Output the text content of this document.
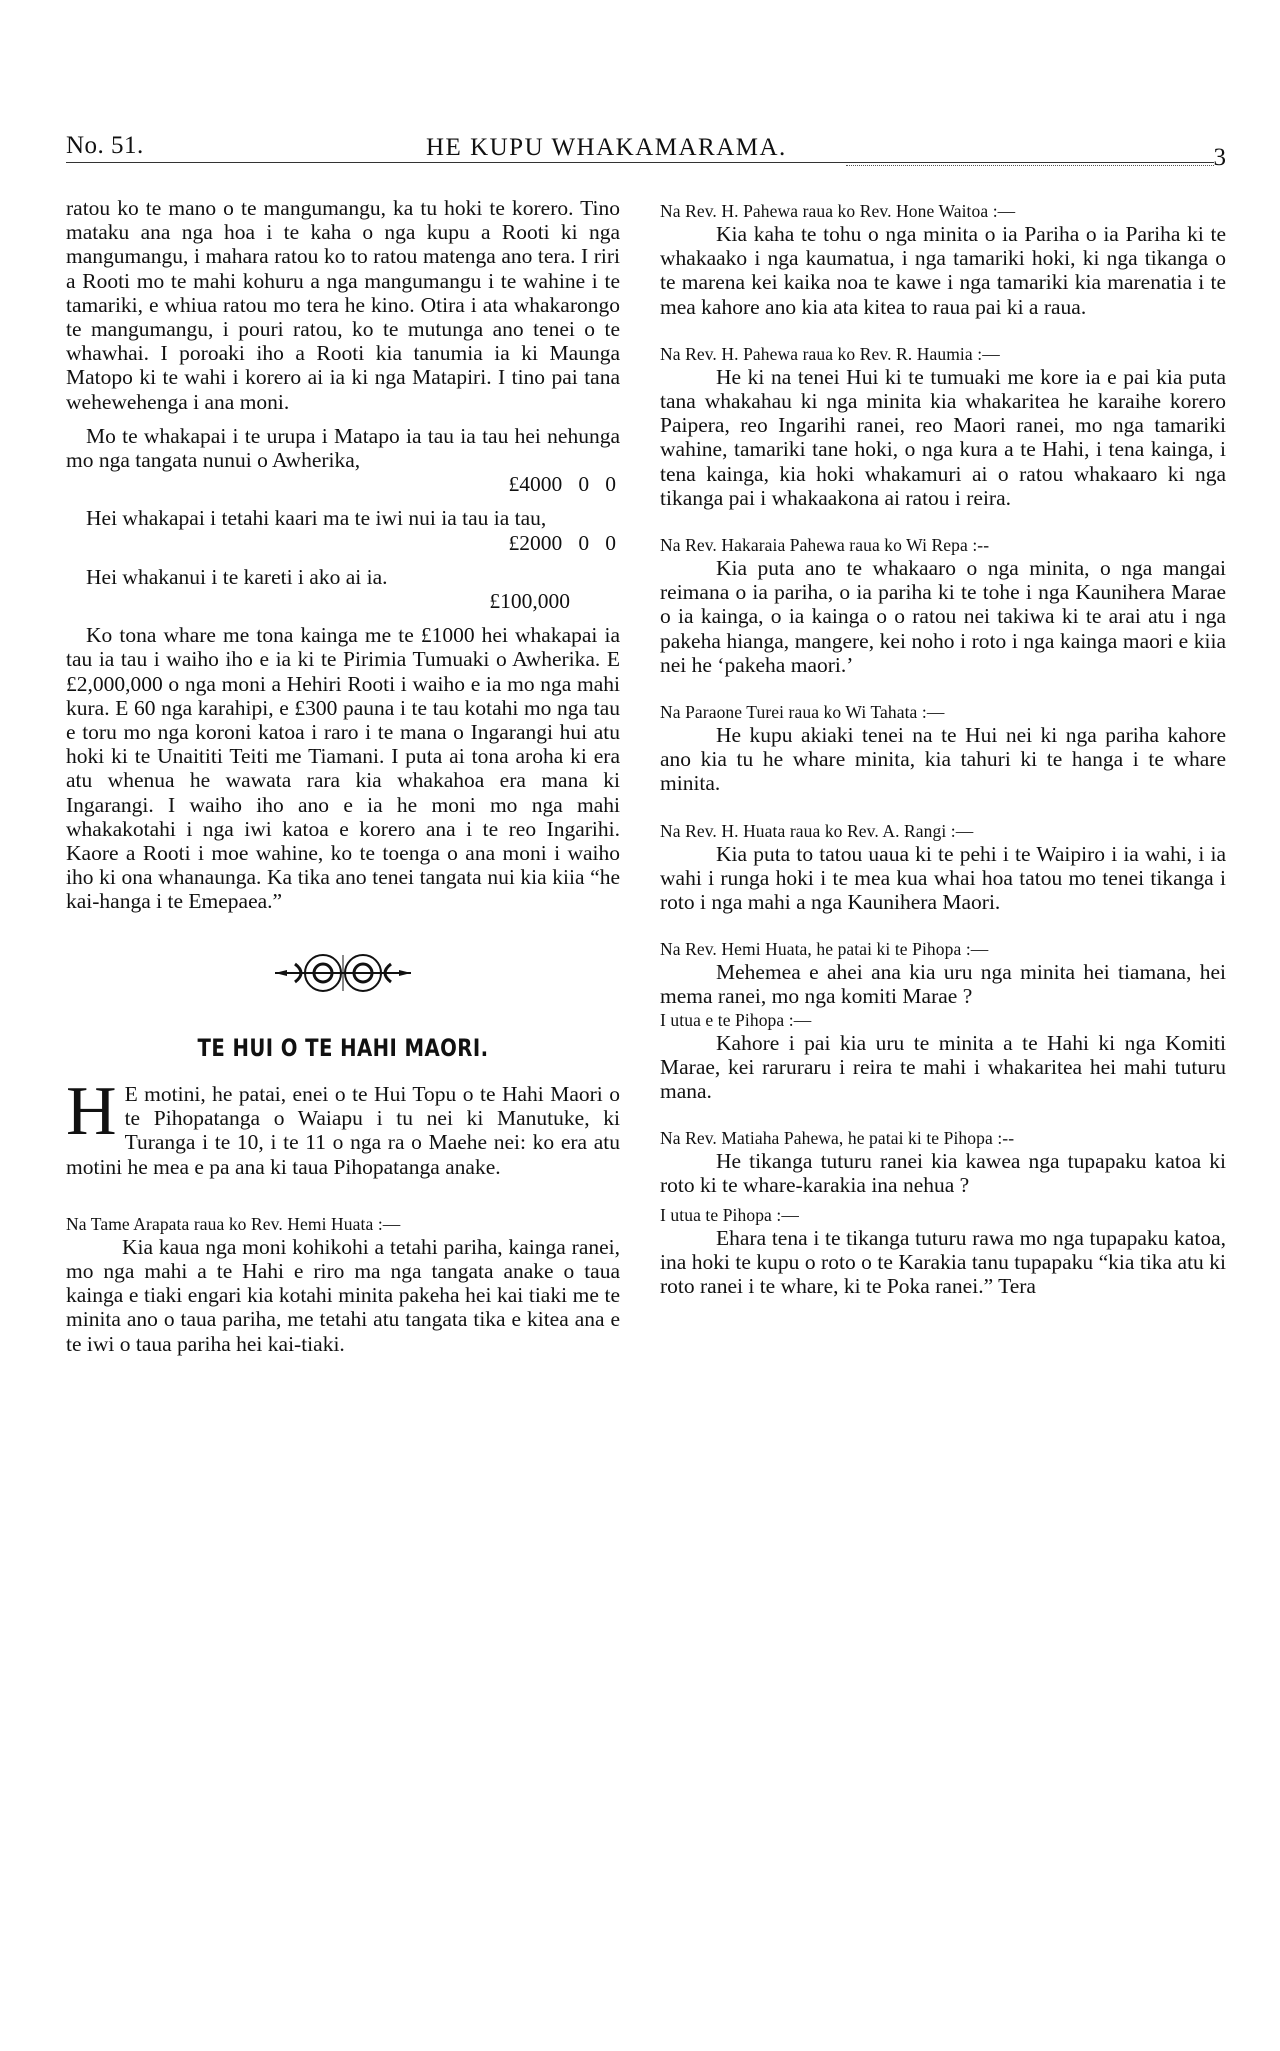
No. 51.	HE KUPU WHAKAMARAMA.	3

ratou ko te mano o te mangumangu, ka tu hoki te korero. Tino mataku ana nga hoa i te kaha o nga kupu a Rooti ki nga mangumangu, i mahara ratou ko to ratou matenga ano tera. I riri a Rooti mo te mahi kohuru a nga mangumangu i te wahine i te tamariki, e whiua ratou mo tera he kino. Otira i ata whakarongo te mangumangu, i pouri ratou, ko te mutunga ano tenei o te whawhai. I poroaki iho a Rooti kia tanumia ia ki Maunga Matopo ki te wahi i korero ai ia ki nga Matapiri. I tino pai tana wehewehenga i ana moni.

Mo te whakapai i te urupa i Matapo ia tau ia tau hei nehunga mo nga tangata nunui o Awherika,

£4000   0   0

Hei whakapai i tetahi kaari ma te iwi nui ia tau ia tau,

£2000   0   0

Hei whakanui i te kareti i ako ai ia.

£100,000

Ko tona whare me tona kainga me te £1000 hei whakapai ia tau ia tau i waiho iho e ia ki te Pirimia Tumuaki o Awherika. E £2,000,000 o nga moni a Hehiri Rooti i waiho e ia mo nga mahi kura. E 60 nga karahipi, e £300 pauna i te tau kotahi mo nga tau e toru mo nga koroni katoa i raro i te mana o Ingarangi hui atu hoki ki te Unaititi Teiti me Tiamani. I puta ai tona aroha ki era atu whenua he wawata rara kia whakahoa era mana ki Ingarangi. I waiho iho ano e ia he moni mo nga mahi whakakotahi i nga iwi katoa e korero ana i te reo Ingarihi. Kaore a Rooti i moe wahine, ko te toenga o ana moni i waiho iho ki ona whanaunga. Ka tika ano tenei tangata nui kia kiia “he kai-hanga i te Emepaea.”

TE HUI O TE HAHI MAORI.

H E motini, he patai, enei o te Hui Topu o te Hahi Maori o te Pihopatanga o Waiapu i tu nei ki Manutuke, ki Turanga i te 10, i te 11 o nga ra o Maehe nei: ko era atu motini he mea e pa ana ki taua Pihopatanga anake.

Na Tame Arapata raua ko Rev. Hemi Huata :—

Kia kaua nga moni kohikohi a tetahi pariha, kainga ranei, mo nga mahi a te Hahi e riro ma nga tangata anake o taua kainga e tiaki engari kia kotahi minita pakeha hei kai tiaki me te minita ano o taua pariha, me tetahi atu tangata tika e kitea ana e te iwi o taua pariha hei kai-tiaki.

Na Rev. H. Pahewa raua ko Rev. Hone Waitoa :—

Kia kaha te tohu o nga minita o ia Pariha o ia Pariha ki te whakaako i nga kaumatua, i nga tamariki hoki, ki nga tikanga o te marena kei kaika noa te kawe i nga tamariki kia marenatia i te mea kahore ano kia ata kitea to raua pai ki a raua.

Na Rev. H. Pahewa raua ko Rev. R. Haumia :—

He ki na tenei Hui ki te tumuaki me kore ia e pai kia puta tana whakahau ki nga minita kia whakaritea he karaihe korero Paipera, reo Ingarihi ranei, reo Maori ranei, mo nga tamariki wahine, tamariki tane hoki, o nga kura a te Hahi, i tena kainga, i tena kainga, kia hoki whakamuri ai o ratou whakaaro ki nga tikanga pai i whakaakona ai ratou i reira.

Na Rev. Hakaraia Pahewa raua ko Wi Repa :--

Kia puta ano te whakaaro o nga minita, o nga mangai reimana o ia pariha, o ia pariha ki te tohe i nga Kaunihera Marae o ia kainga, o ia kainga o o ratou nei takiwa ki te arai atu i nga pakeha hianga, mangere, kei noho i roto i nga kainga maori e kiia nei he ‘pakeha maori.’

Na Paraone Turei raua ko Wi Tahata :—

He kupu akiaki tenei na te Hui nei ki nga pariha kahore ano kia tu he whare minita, kia tahuri ki te hanga i te whare minita.

Na Rev. H. Huata raua ko Rev. A. Rangi :—

Kia puta to tatou uaua ki te pehi i te Waipiro i ia wahi, i ia wahi i runga hoki i te mea kua whai hoa tatou mo tenei tikanga i roto i nga mahi a nga Kaunihera Maori.

Na Rev. Hemi Huata, he patai ki te Pihopa :—

Mehemea e ahei ana kia uru nga minita hei tiamana, hei mema ranei, mo nga komiti Marae ?

I utua e te Pihopa :—

Kahore i pai kia uru te minita a te Hahi ki nga Komiti Marae, kei raruraru i reira te mahi i whakaritea hei mahi tuturu mana.

Na Rev. Matiaha Pahewa, he patai ki te Pihopa :--

He tikanga tuturu ranei kia kawea nga tupapaku katoa ki roto ki te whare-karakia ina nehua ?

I utua te Pihopa :—

Ehara tena i te tikanga tuturu rawa mo nga tupapaku katoa, ina hoki te kupu o roto o te Karakia tanu tupapaku “kia tika atu ki roto ranei i te whare, ki te Poka ranei.” Tera
